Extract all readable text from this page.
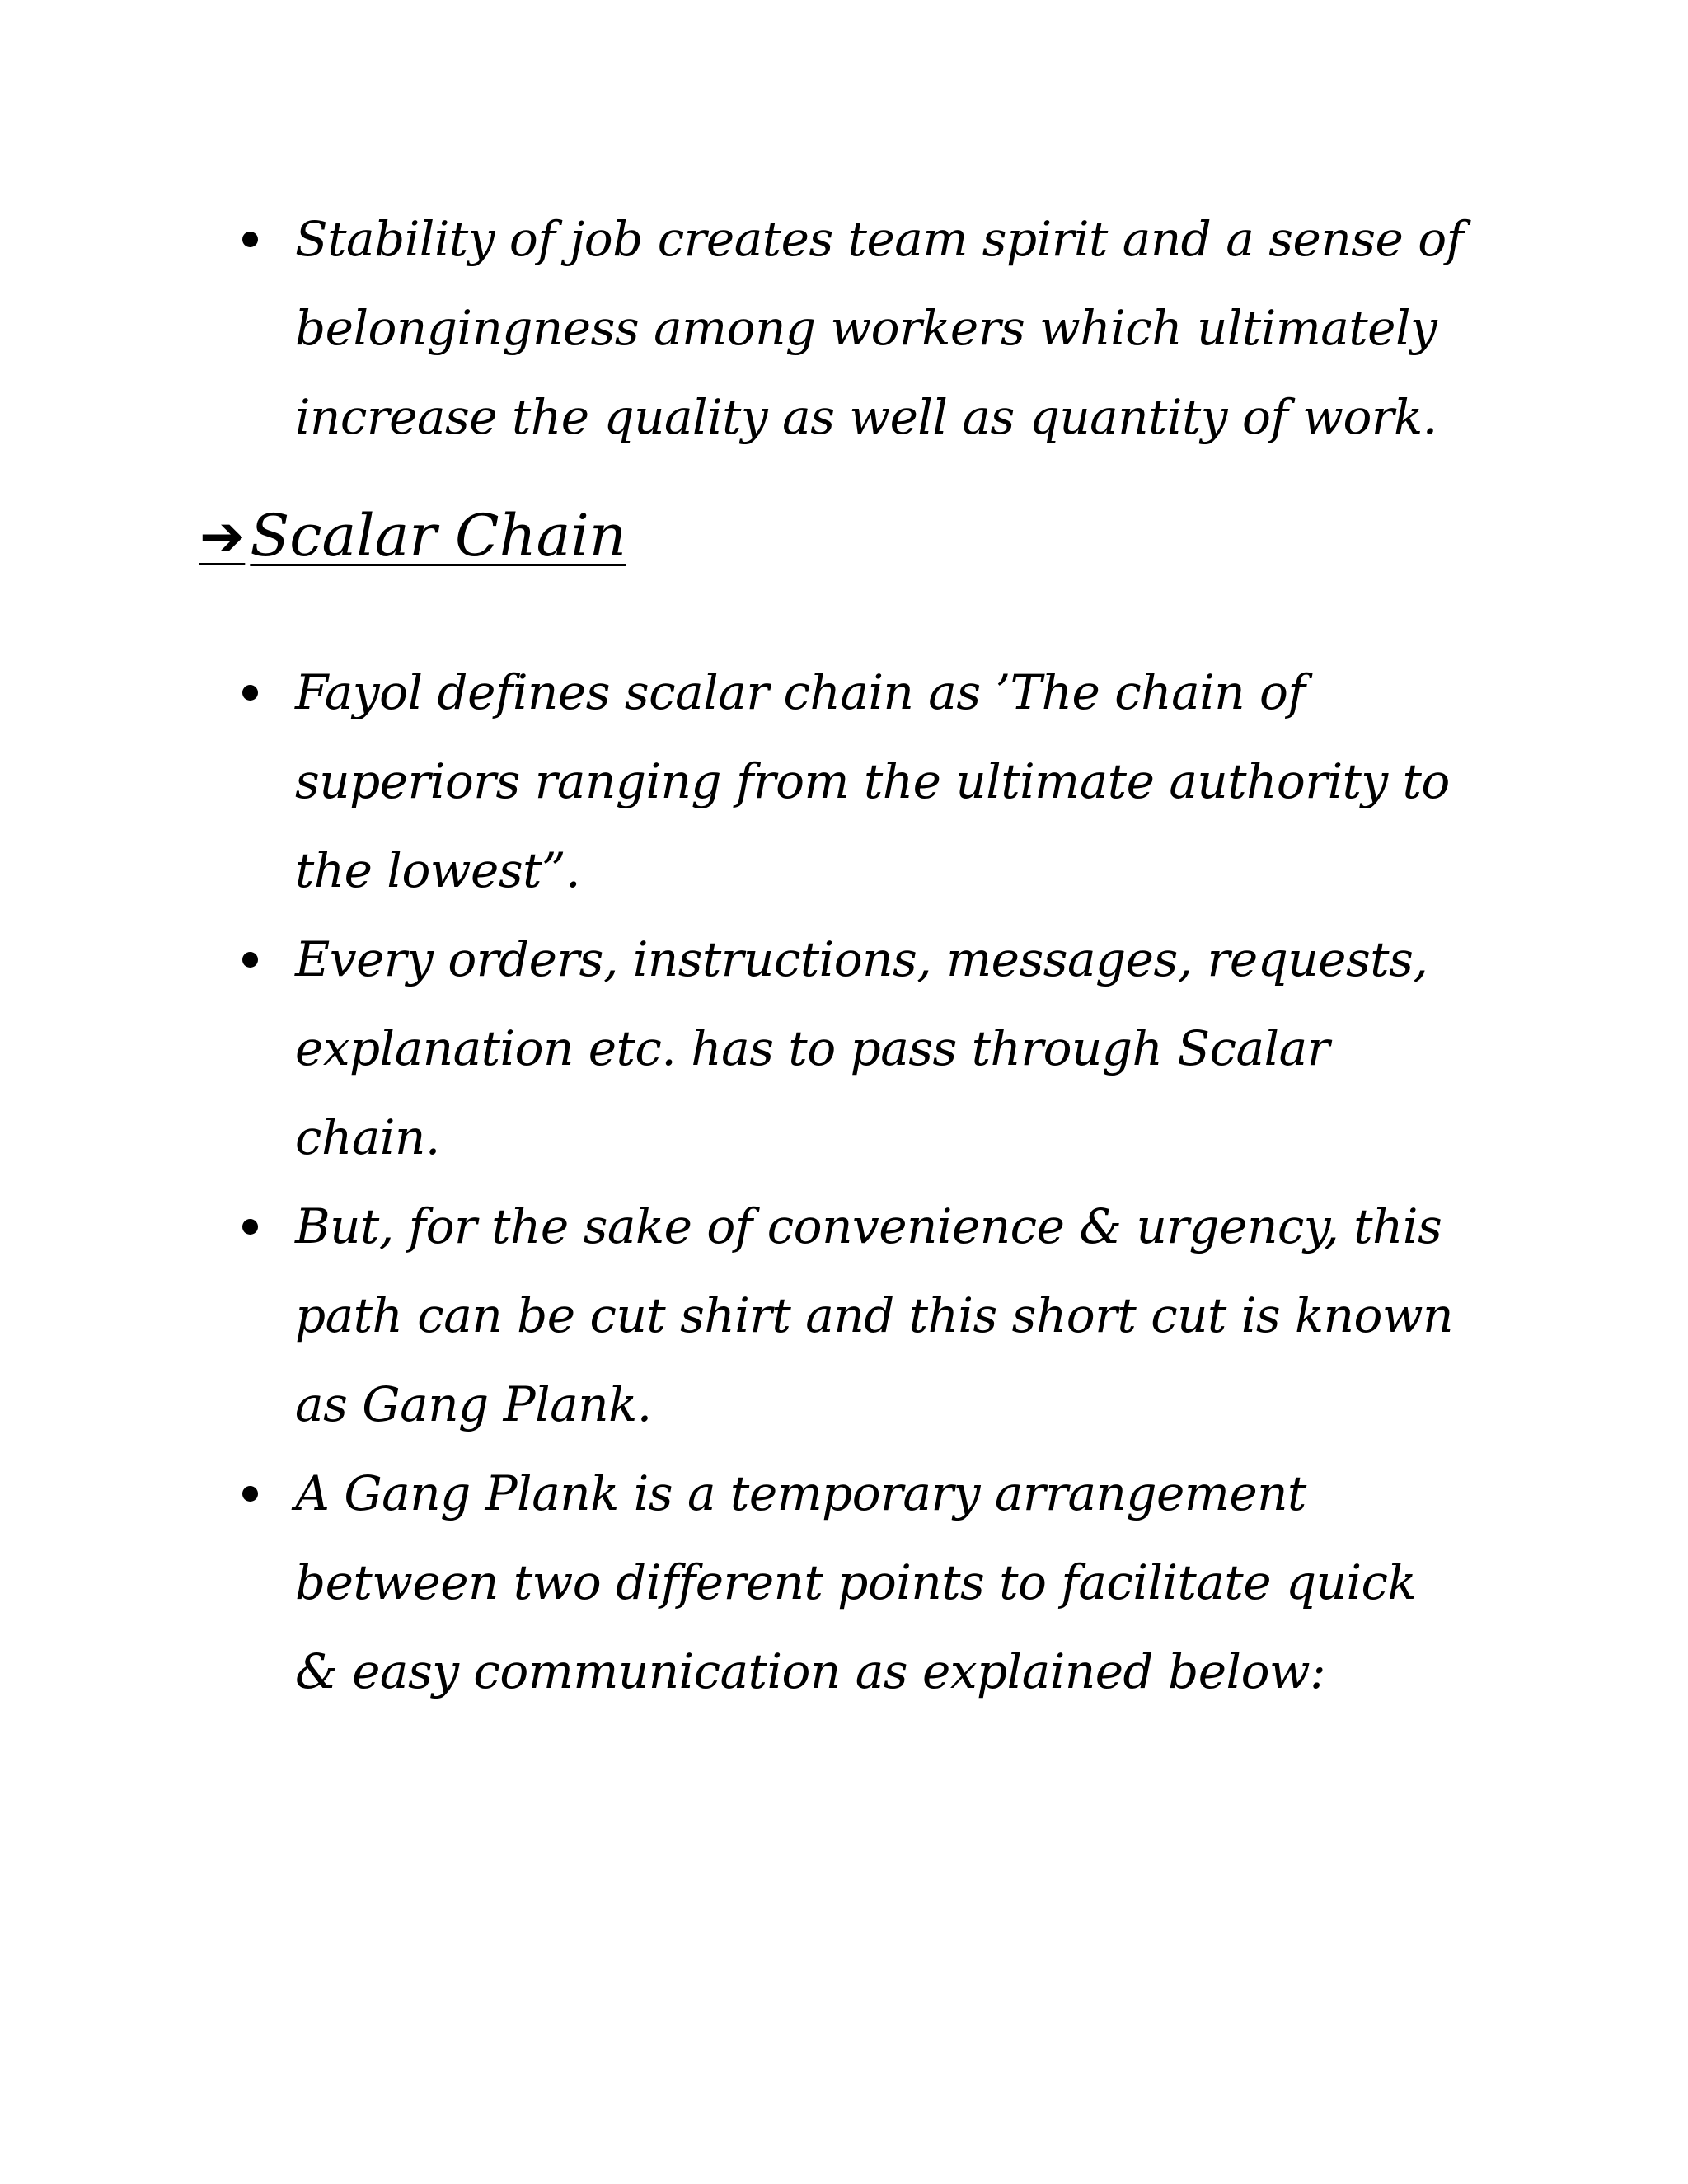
Stability of job creates team spirit and a sense of belongingness among workers which ultimately increase the quality as well as quantity of work.
➔ Scalar Chain
Fayol defines scalar chain as ’The chain of superiors ranging from the ultimate authority to the lowest”.
Every orders, instructions, messages, requests, explanation etc. has to pass through Scalar chain.
But, for the sake of convenience & urgency, this path can be cut shirt and this short cut is known as Gang Plank.
A Gang Plank is a temporary arrangement between two different points to facilitate quick & easy communication as explained below:
